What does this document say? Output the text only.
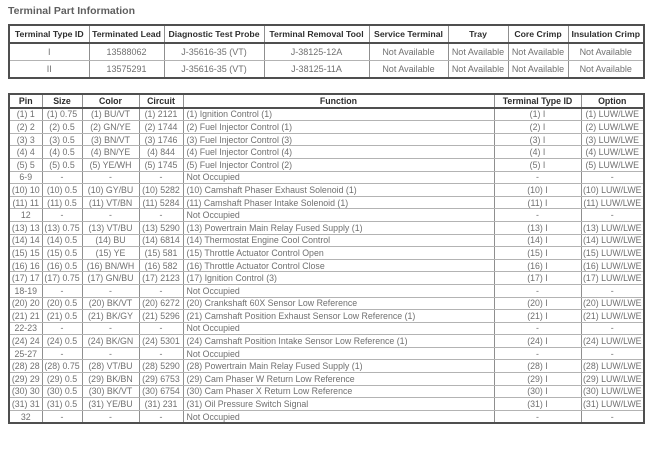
Terminal Part Information
Terminal Type ID	Terminated Lead	Diagnostic Test Probe	Terminal Removal Tool	Service Terminal	Tray	Core Crimp	Insulation Crimp
I	13588062	J-35616-35 (VT)	J-38125-12A	Not Available	Not Available	Not Available	Not Available
II	13575291	J-35616-35 (VT)	J-38125-11A	Not Available	Not Available	Not Available	Not Available
Pin	Size	Color	Circuit	Function	Terminal Type ID	Option
(1) 1	(1) 0.75	(1) BU/VT	(1) 2121	(1) Ignition Control (1)	(1) I	(1) LUW/LWE
(2) 2	(2) 0.5	(2) GN/YE	(2) 1744	(2) Fuel Injector Control (1)	(2) I	(2) LUW/LWE
(3) 3	(3) 0.5	(3) BN/VT	(3) 1746	(3) Fuel Injector Control (3)	(3) I	(3) LUW/LWE
(4) 4	(4) 0.5	(4) BN/YE	(4) 844	(4) Fuel Injector Control (4)	(4) I	(4) LUW/LWE
(5) 5	(5) 0.5	(5) YE/WH	(5) 1745	(5) Fuel Injector Control (2)	(5) I	(5) LUW/LWE
6-9	-	-	-	Not Occupied	-	-
(10) 10	(10) 0.5	(10) GY/BU	(10) 5282	(10) Camshaft Phaser Exhaust Solenoid (1)	(10) I	(10) LUW/LWE
(11) 11	(11) 0.5	(11) VT/BN	(11) 5284	(11) Camshaft Phaser Intake Solenoid (1)	(11) I	(11) LUW/LWE
12	-	-	-	Not Occupied	-	-
(13) 13	(13) 0.75	(13) VT/BU	(13) 5290	(13) Powertrain Main Relay Fused Supply (1)	(13) I	(13) LUW/LWE
(14) 14	(14) 0.5	(14) BU	(14) 6814	(14) Thermostat Engine Cool Control	(14) I	(14) LUW/LWE
(15) 15	(15) 0.5	(15) YE	(15) 581	(15) Throttle Actuator Control Open	(15) I	(15) LUW/LWE
(16) 16	(16) 0.5	(16) BN/WH	(16) 582	(16) Throttle Actuator Control Close	(16) I	(16) LUW/LWE
(17) 17	(17) 0.75	(17) GN/BU	(17) 2123	(17) Ignition Control (3)	(17) I	(17) LUW/LWE
18-19	-	-	-	Not Occupied	-	-
(20) 20	(20) 0.5	(20) BK/VT	(20) 6272	(20) Crankshaft 60X Sensor Low Reference	(20) I	(20) LUW/LWE
(21) 21	(21) 0.5	(21) BK/GY	(21) 5296	(21) Camshaft Position Exhaust Sensor Low Reference (1)	(21) I	(21) LUW/LWE
22-23	-	-	-	Not Occupied	-	-
(24) 24	(24) 0.5	(24) BK/GN	(24) 5301	(24) Camshaft Position Intake Sensor Low Reference (1)	(24) I	(24) LUW/LWE
25-27	-	-	-	Not Occupied	-	-
(28) 28	(28) 0.75	(28) VT/BU	(28) 5290	(28) Powertrain Main Relay Fused Supply (1)	(28) I	(28) LUW/LWE
(29) 29	(29) 0.5	(29) BK/BN	(29) 6753	(29) Cam Phaser W Return Low Reference	(29) I	(29) LUW/LWE
(30) 30	(30) 0.5	(30) BK/VT	(30) 6754	(30) Cam Phaser X Return Low Reference	(30) I	(30) LUW/LWE
(31) 31	(31) 0.5	(31) YE/BU	(31) 231	(31) Oil Pressure Switch Signal	(31) I	(31) LUW/LWE
32	-	-	-	Not Occupied	-	-
